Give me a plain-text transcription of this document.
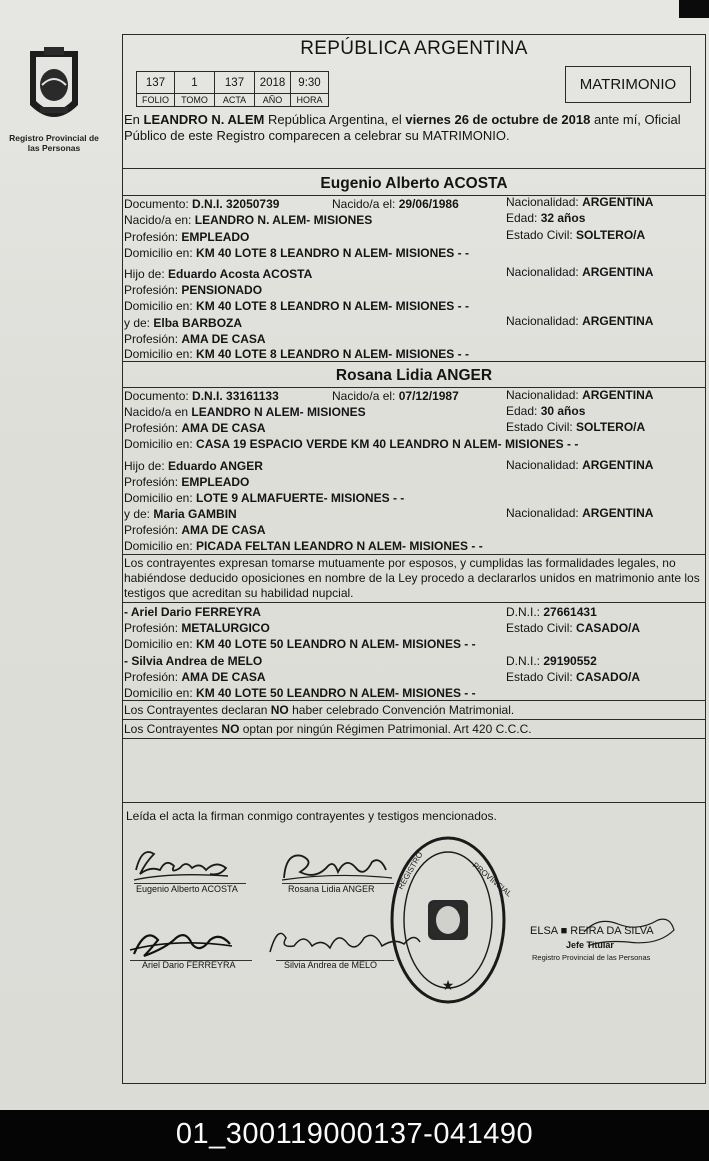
Registro Provincial de las Personas
REPÚBLICA ARGENTINA
137	1	137	2018	9:30
FOLIO	TOMO	ACTA	AÑO	HORA
MATRIMONIO
En LEANDRO N. ALEM República Argentina, el viernes 26 de octubre de 2018 ante mí, Oficial Público de este Registro comparecen a celebrar su MATRIMONIO.
Eugenio Alberto ACOSTA
Documento: D.N.I. 32050739	Nacido/a el: 29/06/1986	Nacionalidad: ARGENTINA
Nacido/a en: LEANDRO N. ALEM- MISIONES	Edad: 32 años
Profesión: EMPLEADO	Estado Civil: SOLTERO/A
Domicilio en: KM 40 LOTE 8 LEANDRO N ALEM- MISIONES - -
Hijo de: Eduardo Acosta ACOSTA	Nacionalidad: ARGENTINA
Profesión: PENSIONADO
Domicilio en: KM 40 LOTE 8 LEANDRO N ALEM- MISIONES - -
y de: Elba BARBOZA	Nacionalidad: ARGENTINA
Profesión: AMA DE CASA
Domicilio en: KM 40 LOTE 8 LEANDRO N ALEM- MISIONES - -
Rosana Lidia ANGER
Documento: D.N.I. 33161133	Nacido/a el: 07/12/1987	Nacionalidad: ARGENTINA
Nacido/a en LEANDRO N ALEM- MISIONES	Edad: 30 años
Profesión: AMA DE CASA	Estado Civil: SOLTERO/A
Domicilio en: CASA 19 ESPACIO VERDE KM 40 LEANDRO N ALEM- MISIONES - -
Hijo de: Eduardo ANGER	Nacionalidad: ARGENTINA
Profesión: EMPLEADO
Domicilio en: LOTE 9 ALMAFUERTE- MISIONES - -
y de: Maria GAMBIN	Nacionalidad: ARGENTINA
Profesión: AMA DE CASA
Domicilio en: PICADA FELTAN LEANDRO N ALEM- MISIONES - -
Los contrayentes expresan tomarse mutuamente por esposos, y cumplidas las formalidades legales, no habiéndose deducido oposiciones en nombre de la Ley procedo a declararlos unidos en matrimonio ante los testigos que acreditan su habilidad nupcial.
- Ariel Dario FERREYRA	D.N.I.: 27661431
Profesión: METALURGICO	Estado Civil: CASADO/A
Domicilio en: KM 40 LOTE 50 LEANDRO N ALEM- MISIONES - -
- Silvia Andrea de MELO	D.N.I.: 29190552
Profesión: AMA DE CASA	Estado Civil: CASADO/A
Domicilio en: KM 40 LOTE 50 LEANDRO N ALEM- MISIONES - -
Los Contrayentes declaran NO haber celebrado Convención Matrimonial.
Los Contrayentes NO optan por ningún Régimen Patrimonial. Art 420 C.C.C.
Leída el acta la firman conmigo contrayentes y testigos mencionados.
Eugenio Alberto ACOSTA	Rosana Lidia ANGER
Ariel Dario FERREYRA	Silvia Andrea de MELO
★
REGISTRO	PROVINCIAL
ELSA ■ REIRA DA SILVA
Jefe Titular
Registro Provincial de las Personas
01_300119000137-041490
